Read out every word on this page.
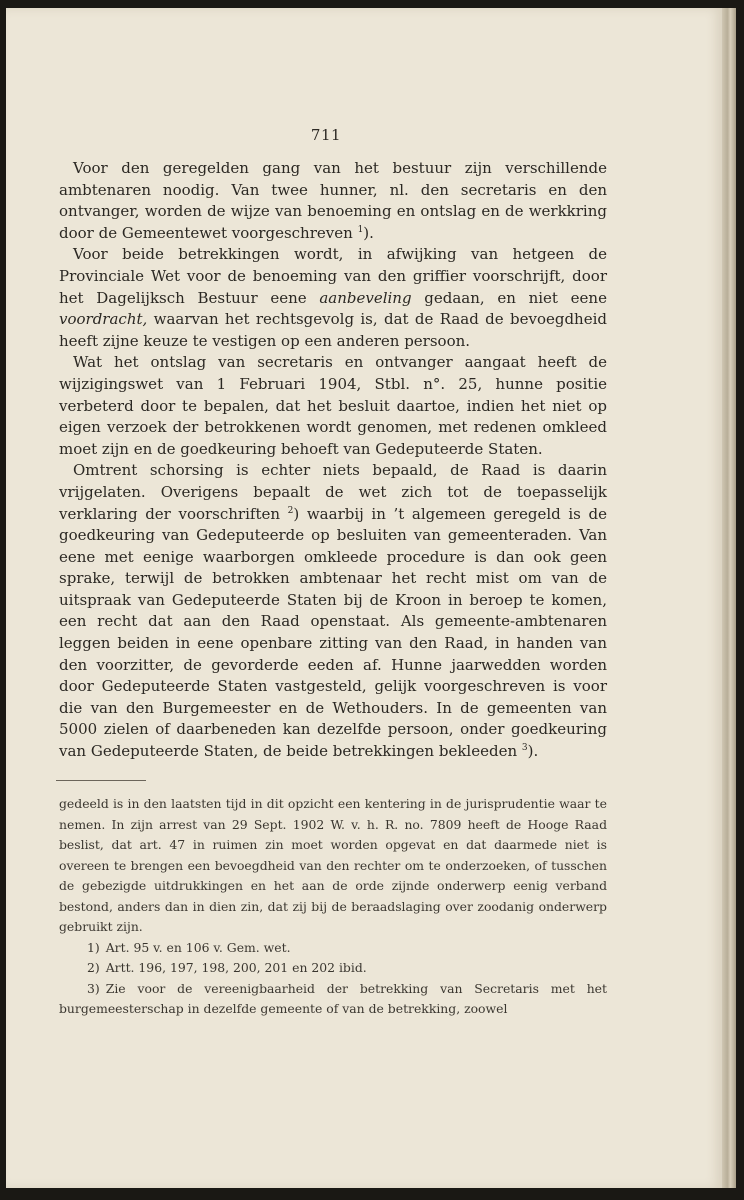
711

Voor den geregelden gang van het bestuur zijn verschillende ambtenaren noodig. Van twee hunner, nl. den secretaris en den ontvanger, worden de wijze van benoeming en ontslag en de werkkring door de Gemeentewet voorgeschreven $^1$).

Voor beide betrekkingen wordt, in afwijking van hetgeen de Provinciale Wet voor de benoeming van den griffier voorschrijft, door het Dagelijksch Bestuur eene aanbeveling gedaan, en niet eene voordracht, waarvan het rechtsgevolg is, dat de Raad de bevoegdheid heeft zijne keuze te vestigen op een anderen persoon.

Wat het ontslag van secretaris en ontvanger aangaat heeft de wijzigingswet van 1 Februari 1904, Stbl. n°. 25, hunne positie verbeterd door te bepalen, dat het besluit daartoe, indien het niet op eigen verzoek der betrokkenen wordt genomen, met redenen omkleed moet zijn en de goedkeuring behoeft van Gedeputeerde Staten.

Omtrent schorsing is echter niets bepaald, de Raad is daarin vrijgelaten. Overigens bepaalt de wet zich tot de toepasselijk verklaring der voorschriften $^2$) waarbij in ’t algemeen geregeld is de goedkeuring van Gedeputeerde op besluiten van gemeenteraden. Van eene met eenige waarborgen omkleede procedure is dan ook geen sprake, terwijl de betrokken ambtenaar het recht mist om van de uitspraak van Gedeputeerde Staten bij de Kroon in beroep te komen, een recht dat aan den Raad openstaat. Als gemeente-ambtenaren leggen beiden in eene openbare zitting van den Raad, in handen van den voorzitter, de gevorderde eeden af. Hunne jaarwedden worden door Gedeputeerde Staten vastgesteld, gelijk voorgeschreven is voor die van den Burgemeester en de Wethouders. In de gemeenten van 5000 zielen of daarbeneden kan dezelfde persoon, onder goedkeuring van Gedeputeerde Staten, de beide betrekkingen bekleeden $^3$).

gedeeld is in den laatsten tijd in dit opzicht een kentering in de jurisprudentie waar te nemen. In zijn arrest van 29 Sept. 1902 W. v. h. R. no. 7809 heeft de Hooge Raad beslist, dat art. 47 in ruimen zin moet worden opgevat en dat daarmede niet is overeen te brengen een bevoegdheid van den rechter om te onderzoeken, of tusschen de gebezigde uitdrukkingen en het aan de orde zijnde onderwerp eenig verband bestond, anders dan in dien zin, dat zij bij de beraadslaging over zoodanig onderwerp gebruikt zijn.

1) Art. 95 v. en 106 v. Gem. wet.

2) Artt. 196, 197, 198, 200, 201 en 202 ibid.

3) Zie voor de vereenigbaarheid der betrekking van Secretaris met het burgemeesterschap in dezelfde gemeente of van de betrekking, zoowel
